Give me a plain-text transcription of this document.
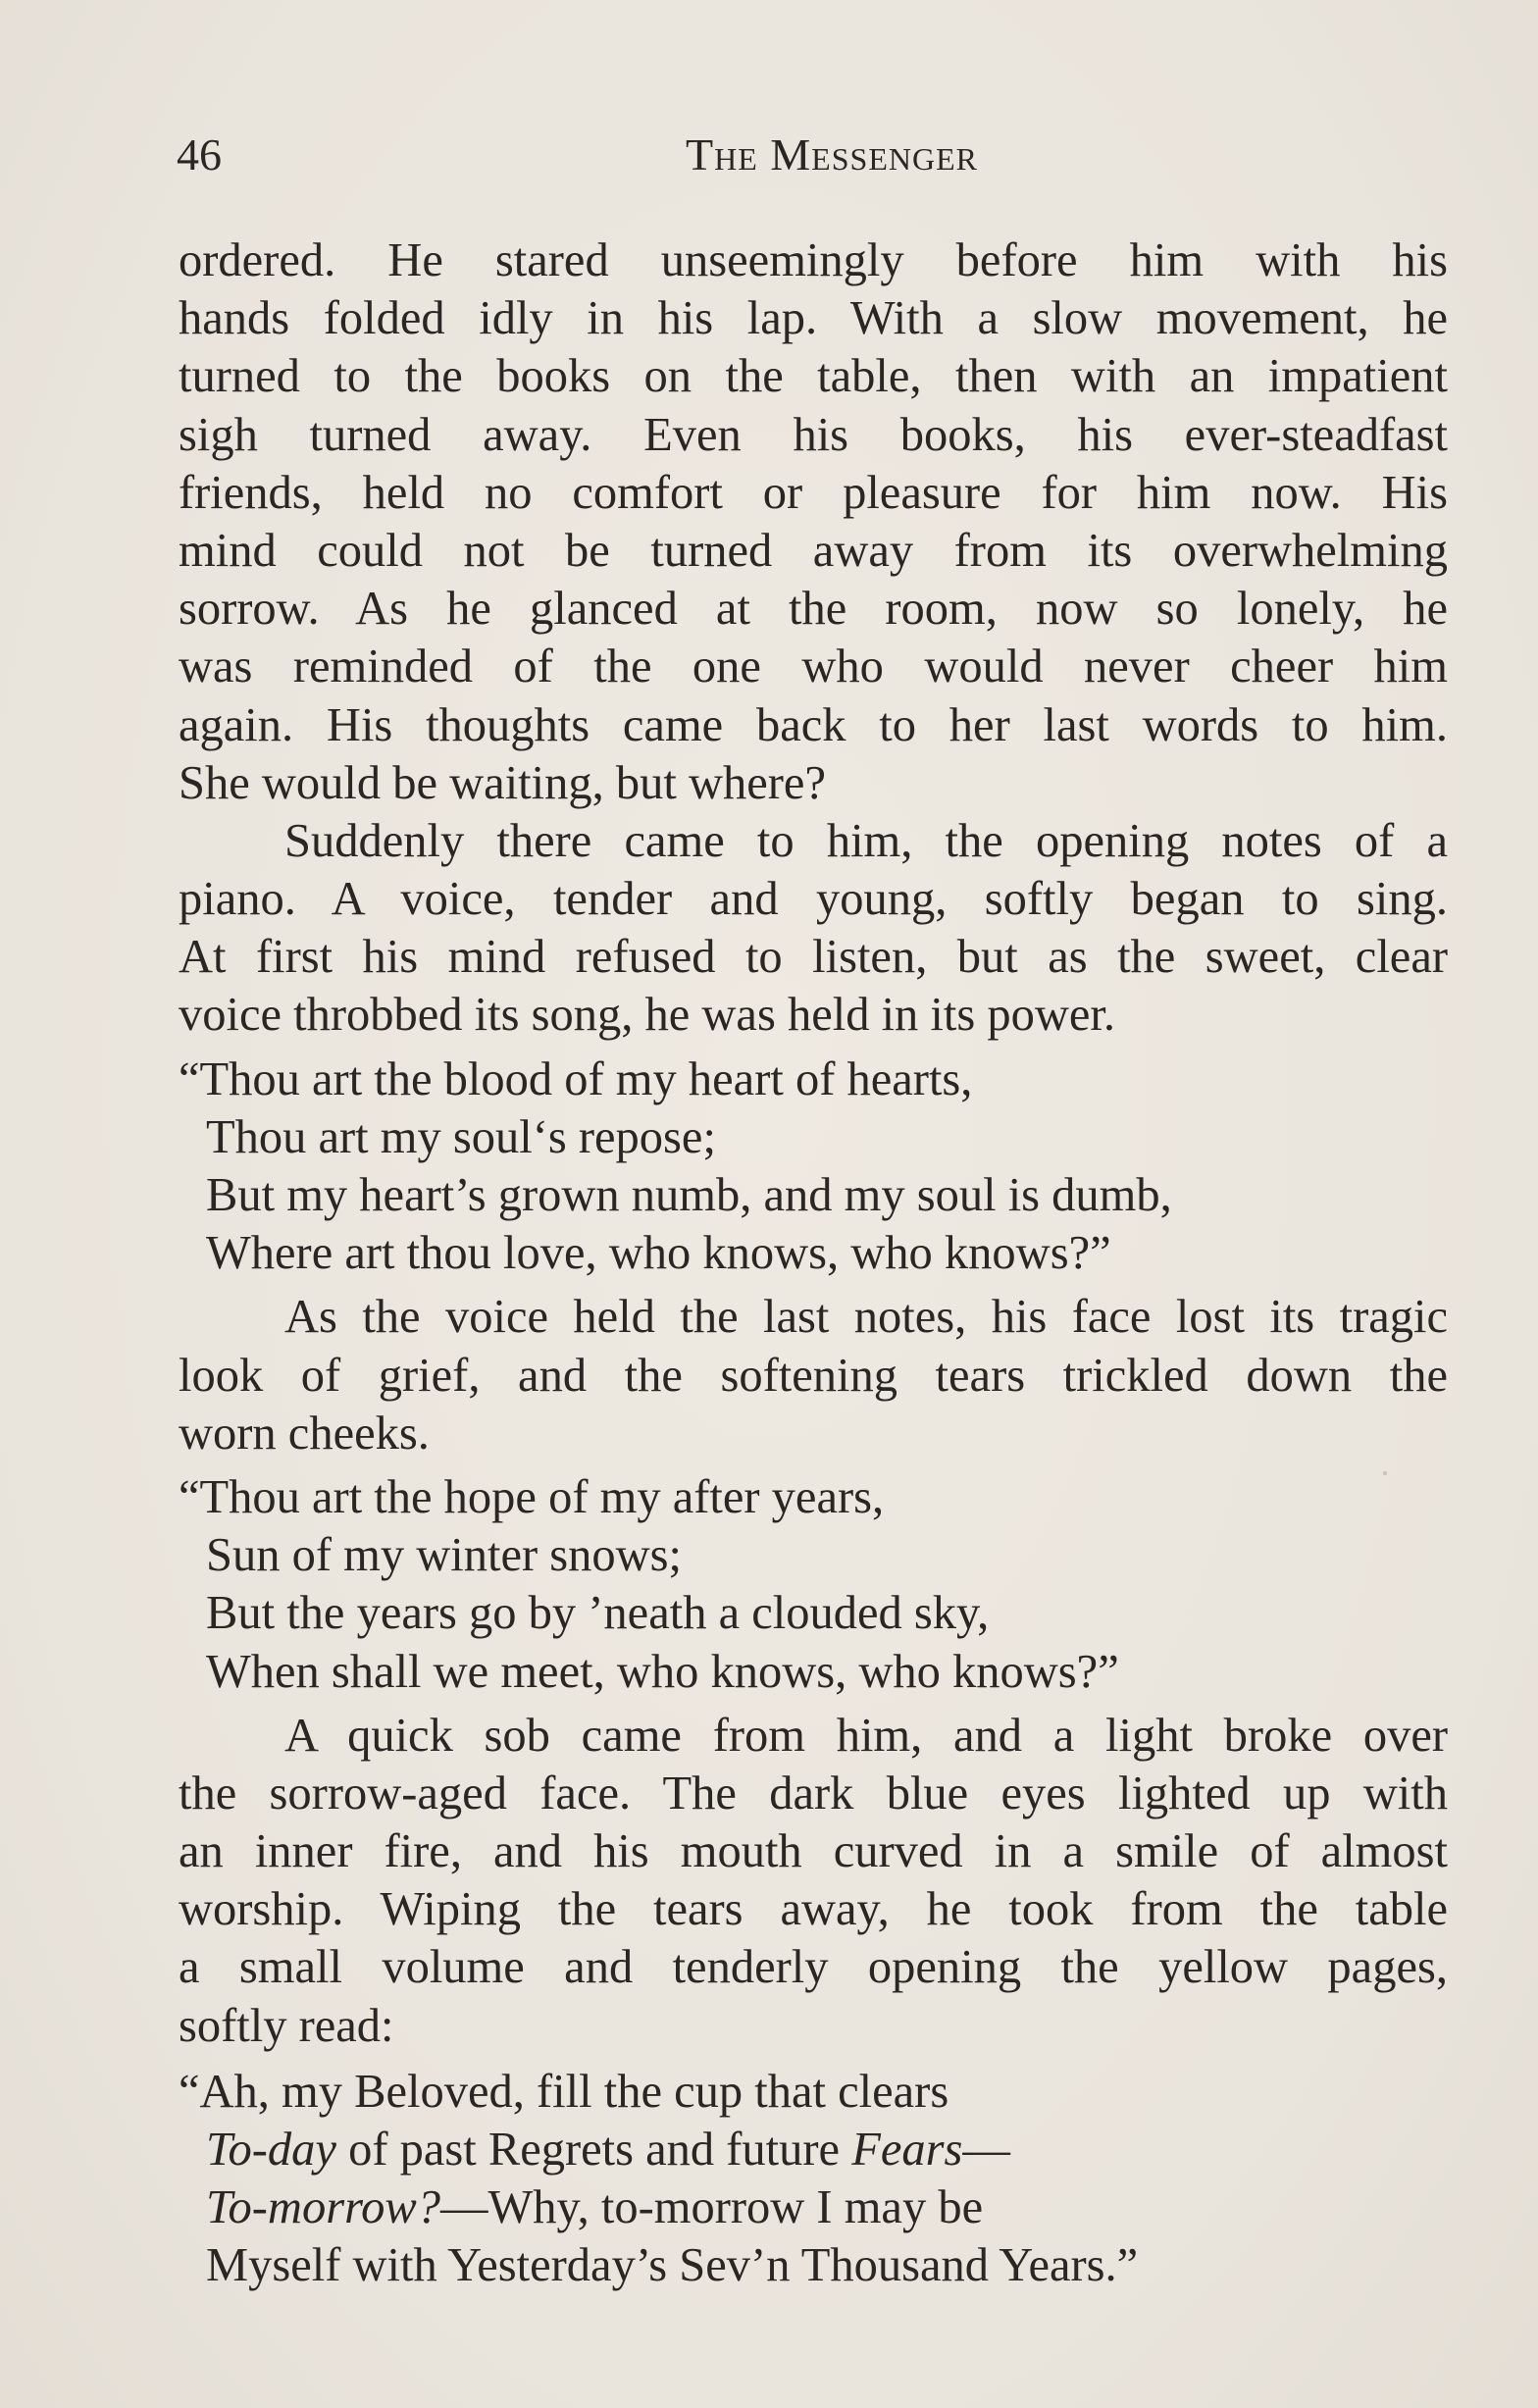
46	The Messenger
ordered. He stared unseemingly before him with his
hands folded idly in his lap. With a slow movement, he
turned to the books on the table, then with an impatient
sigh turned away. Even his books, his ever-steadfast
friends, held no comfort or pleasure for him now. His
mind could not be turned away from its overwhelming
sorrow. As he glanced at the room, now so lonely, he
was reminded of the one who would never cheer him
again. His thoughts came back to her last words to him.
She would be waiting, but where?
Suddenly there came to him, the opening notes of a
piano. A voice, tender and young, softly began to sing.
At first his mind refused to listen, but as the sweet, clear
voice throbbed its song, he was held in its power.
“Thou art the blood of my heart of hearts,
Thou art my soul‘s repose;
But my heart’s grown numb, and my soul is dumb,
Where art thou love, who knows, who knows?”
As the voice held the last notes, his face lost its tragic
look of grief, and the softening tears trickled down the
worn cheeks.
“Thou art the hope of my after years,
Sun of my winter snows;
But the years go by ’neath a clouded sky,
When shall we meet, who knows, who knows?”
A quick sob came from him, and a light broke over
the sorrow-aged face. The dark blue eyes lighted up with
an inner fire, and his mouth curved in a smile of almost
worship. Wiping the tears away, he took from the table
a small volume and tenderly opening the yellow pages,
softly read:
“Ah, my Beloved, fill the cup that clears
To-day of past Regrets and future Fears—
To-morrow?—Why, to-morrow I may be
Myself with Yesterday’s Sev’n Thousand Years.”
